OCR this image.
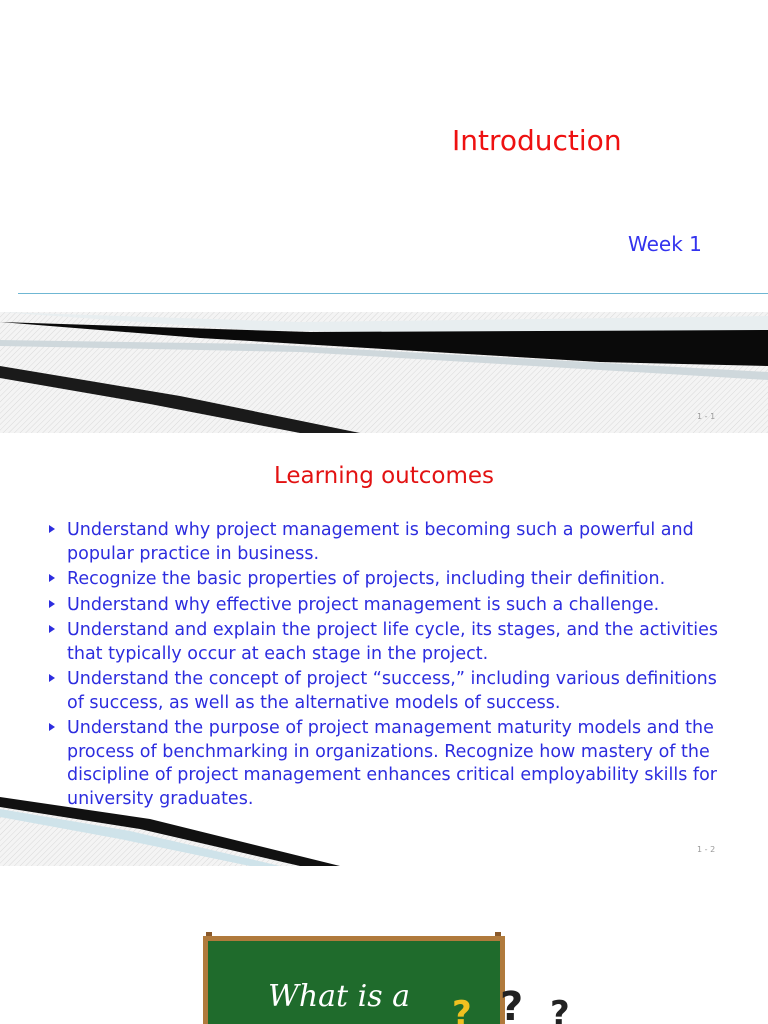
Introduction
Week 1
1 - 1
Learning outcomes
Understand why project management is becoming such a powerful and popular practice in business.
Recognize the basic properties of projects, including their definition.
Understand why effective project management is such a challenge.
Understand and explain the project life cycle, its stages, and the activities that typically occur at each stage in the project.
Understand the concept of project “success,” including various definitions of success, as well as the alternative models of success.
Understand the purpose of project management maturity models and the process of benchmarking in organizations. Recognize how mastery of the discipline of project management enhances critical employability skills for university graduates.
1 - 2
What is a ? ? ?
